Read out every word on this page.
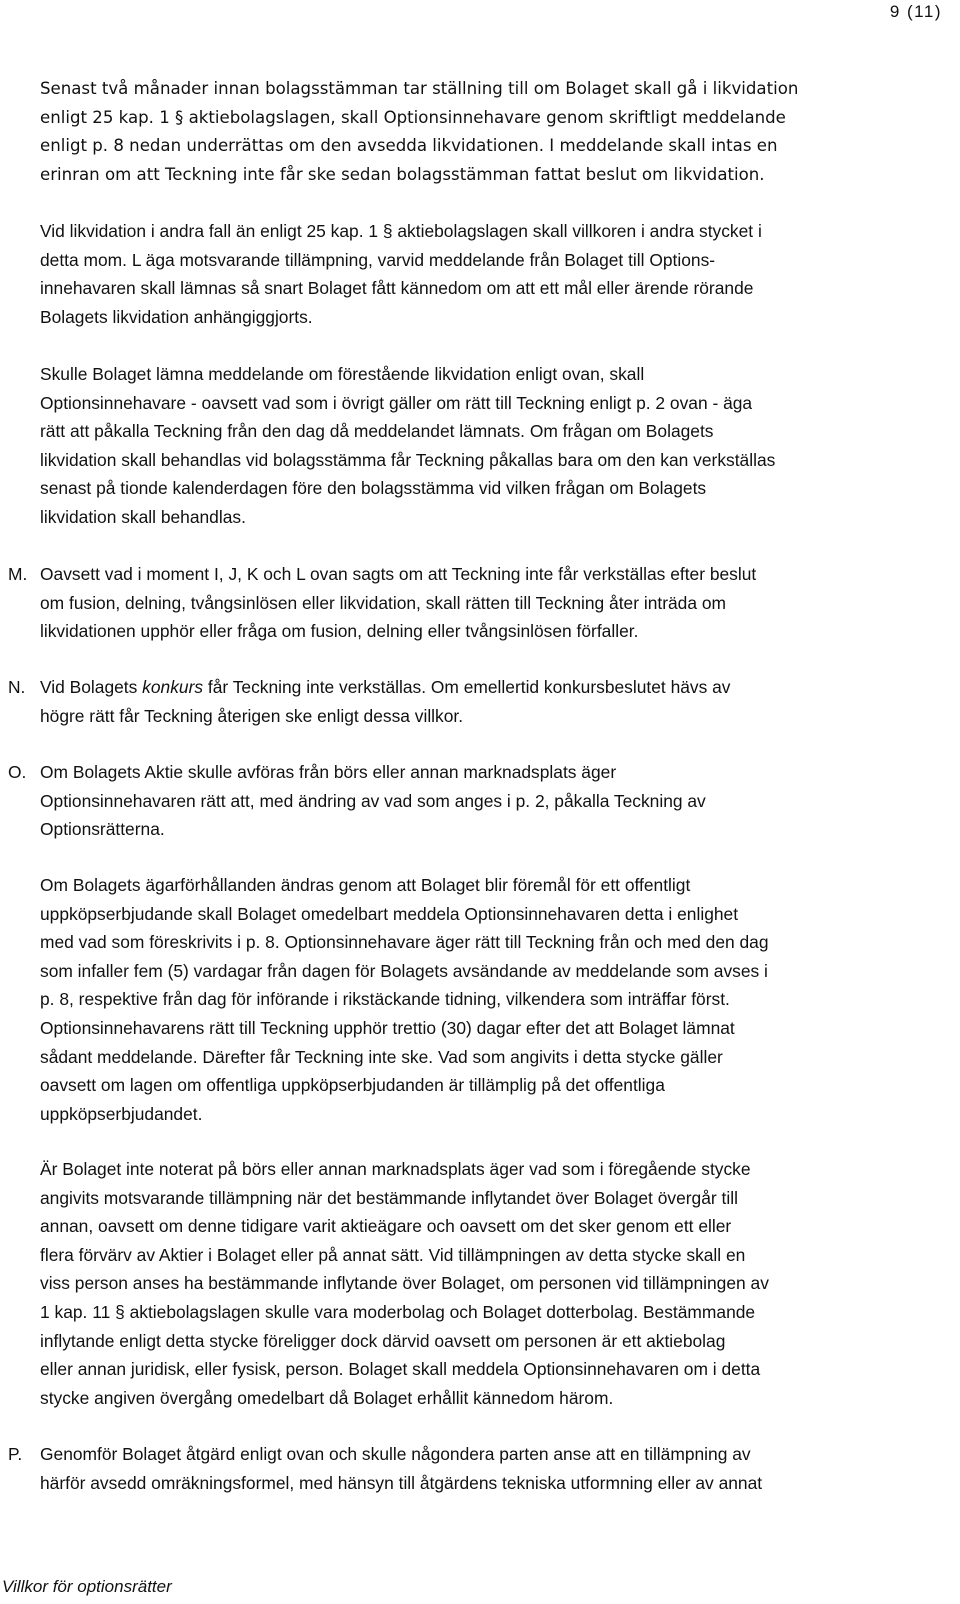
9 (11)
Senast två månader innan bolagsstämman tar ställning till om Bolaget skall gå i likvidation
enligt 25 kap. 1 § aktiebolagslagen, skall Optionsinnehavare genom skriftligt meddelande
enligt p. 8 nedan underrättas om den avsedda likvidationen. I meddelande skall intas en
erinran om att Teckning inte får ske sedan bolagsstämman fattat beslut om likvidation.
Vid likvidation i andra fall än enligt 25 kap. 1 § aktiebolagslagen skall villkoren i andra stycket i
detta mom. L äga motsvarande tillämpning, varvid meddelande från Bolaget till Options-
innehavaren skall lämnas så snart Bolaget fått kännedom om att ett mål eller ärende rörande
Bolagets likvidation anhängiggjorts.
Skulle Bolaget lämna meddelande om förestående likvidation enligt ovan, skall
Optionsinnehavare - oavsett vad som i övrigt gäller om rätt till Teckning enligt p. 2 ovan - äga
rätt att påkalla Teckning från den dag då meddelandet lämnats. Om frågan om Bolagets
likvidation skall behandlas vid bolagsstämma får Teckning påkallas bara om den kan verkställas
senast på tionde kalenderdagen före den bolagsstämma vid vilken frågan om Bolagets
likvidation skall behandlas.
M. Oavsett vad i moment I, J, K och L ovan sagts om att Teckning inte får verkställas efter beslut
om fusion, delning, tvångsinlösen eller likvidation, skall rätten till Teckning åter inträda om
likvidationen upphör eller fråga om fusion, delning eller tvångsinlösen förfaller.
N. Vid Bolagets konkurs får Teckning inte verkställas. Om emellertid konkursbeslutet hävs av
högre rätt får Teckning återigen ske enligt dessa villkor.
O. Om Bolagets Aktie skulle avföras från börs eller annan marknadsplats äger
Optionsinnehavaren rätt att, med ändring av vad som anges i p. 2, påkalla Teckning av
Optionsrätterna.
Om Bolagets ägarförhållanden ändras genom att Bolaget blir föremål för ett offentligt
uppköpserbjudande skall Bolaget omedelbart meddela Optionsinnehavaren detta i enlighet
med vad som föreskrivits i p. 8. Optionsinnehavare äger rätt till Teckning från och med den dag
som infaller fem (5) vardagar från dagen för Bolagets avsändande av meddelande som avses i
p. 8, respektive från dag för införande i rikstäckande tidning, vilkendera som inträffar först.
Optionsinnehavarens rätt till Teckning upphör trettio (30) dagar efter det att Bolaget lämnat
sådant meddelande. Därefter får Teckning inte ske. Vad som angivits i detta stycke gäller
oavsett om lagen om offentliga uppköpserbjudanden är tillämplig på det offentliga
uppköpserbjudandet.
Är Bolaget inte noterat på börs eller annan marknadsplats äger vad som i föregående stycke
angivits motsvarande tillämpning när det bestämmande inflytandet över Bolaget övergår till
annan, oavsett om denne tidigare varit aktieägare och oavsett om det sker genom ett eller
flera förvärv av Aktier i Bolaget eller på annat sätt. Vid tillämpningen av detta stycke skall en
viss person anses ha bestämmande inflytande över Bolaget, om personen vid tillämpningen av
1 kap. 11 § aktiebolagslagen skulle vara moderbolag och Bolaget dotterbolag. Bestämmande
inflytande enligt detta stycke föreligger dock därvid oavsett om personen är ett aktiebolag
eller annan juridisk, eller fysisk, person. Bolaget skall meddela Optionsinnehavaren om i detta
stycke angiven övergång omedelbart då Bolaget erhållit kännedom härom.
P. Genomför Bolaget åtgärd enligt ovan och skulle någondera parten anse att en tillämpning av
härför avsedd omräkningsformel, med hänsyn till åtgärdens tekniska utformning eller av annat
Villkor för optionsrätter
